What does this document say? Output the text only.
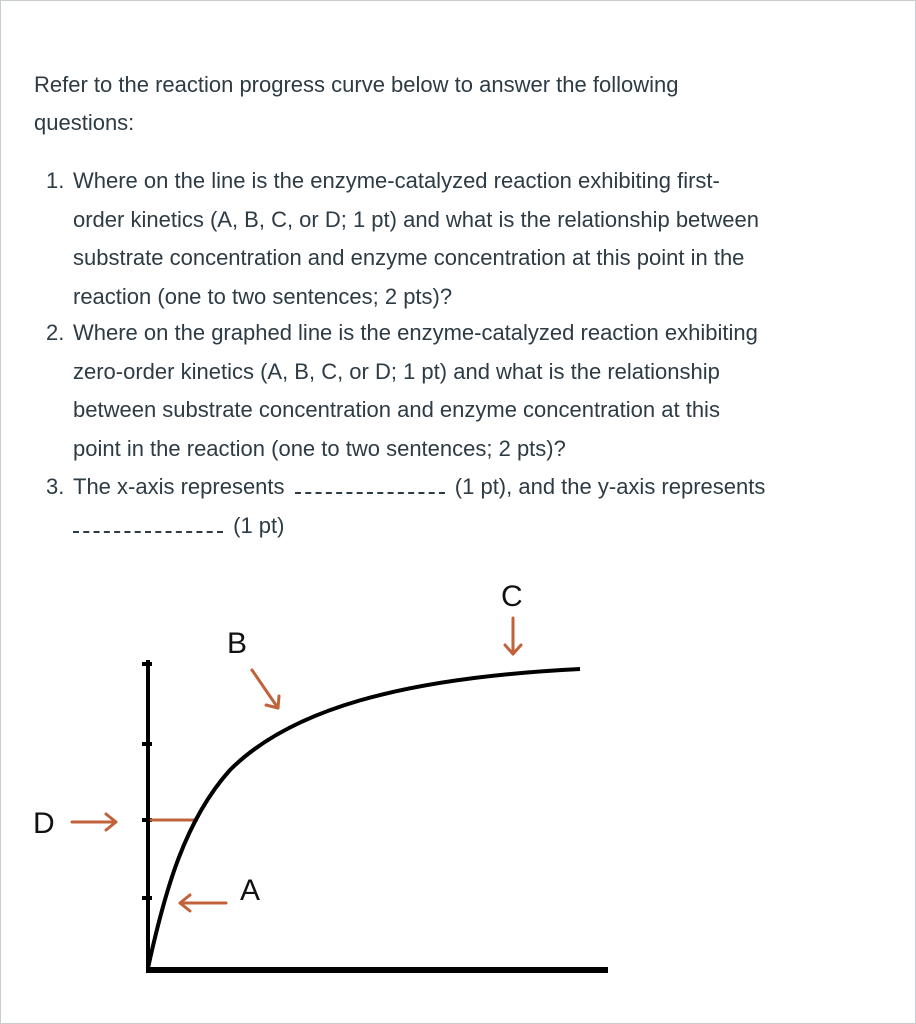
Refer to the reaction progress curve below to answer the following
questions:
1. Where on the line is the enzyme-catalyzed reaction exhibiting first-
order kinetics (A, B, C, or D; 1 pt) and what is the relationship between
substrate concentration and enzyme concentration at this point in the
reaction (one to two sentences; 2 pts)?
2. Where on the graphed line is the enzyme-catalyzed reaction exhibiting
zero-order kinetics (A, B, C, or D; 1 pt) and what is the relationship
between substrate concentration and enzyme concentration at this
point in the reaction (one to two sentences; 2 pts)?
3. The x-axis represents	(1 pt), and the y-axis represents
(1 pt)
A
B
C
D
